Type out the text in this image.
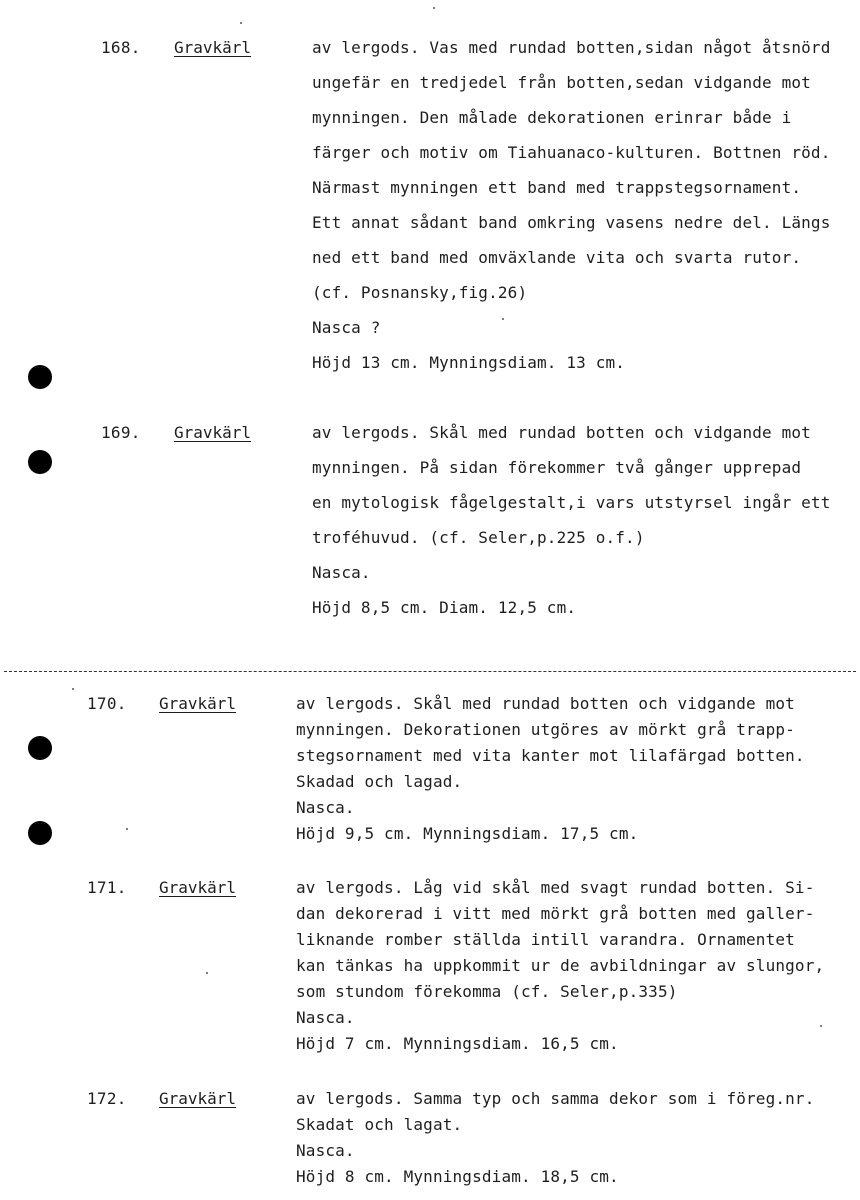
168. Gravkärl	av lergods. Vas med rundad botten,sidan något åtsnörd
ungefär en tredjedel från botten,sedan vidgande mot
mynningen. Den målade dekorationen erinrar både i
färger och motiv om Tiahuanaco-kulturen. Bottnen röd.
Närmast mynningen ett band med trappstegsornament.
Ett annat sådant band omkring vasens nedre del. Längs
ned ett band med omväxlande vita och svarta rutor.
(cf. Posnansky,fig.26)
Nasca ?
Höjd 13 cm. Mynningsdiam. 13 cm.
169. Gravkärl	av lergods. Skål med rundad botten och vidgande mot
mynningen. På sidan förekommer två gånger upprepad
en mytologisk fågelgestalt,i vars utstyrsel ingår ett
troféhuvud. (cf. Seler,p.225 o.f.)
Nasca.
Höjd 8,5 cm. Diam. 12,5 cm.
170. Gravkärl	av lergods. Skål med rundad botten och vidgande mot
mynningen. Dekorationen utgöres av mörkt grå trapp-
stegsornament med vita kanter mot lilafärgad botten.
Skadad och lagad.
Nasca.
Höjd 9,5 cm. Mynningsdiam. 17,5 cm.
171. Gravkärl	av lergods. Låg vid skål med svagt rundad botten. Si-
dan dekorerad i vitt med mörkt grå botten med galler-
liknande romber ställda intill varandra. Ornamentet
kan tänkas ha uppkommit ur de avbildningar av slungor,
som stundom förekomma (cf. Seler,p.335)
Nasca.
Höjd 7 cm. Mynningsdiam. 16,5 cm.
172. Gravkärl	av lergods. Samma typ och samma dekor som i föreg.nr.
Skadat och lagat.
Nasca.
Höjd 8 cm. Mynningsdiam. 18,5 cm.
